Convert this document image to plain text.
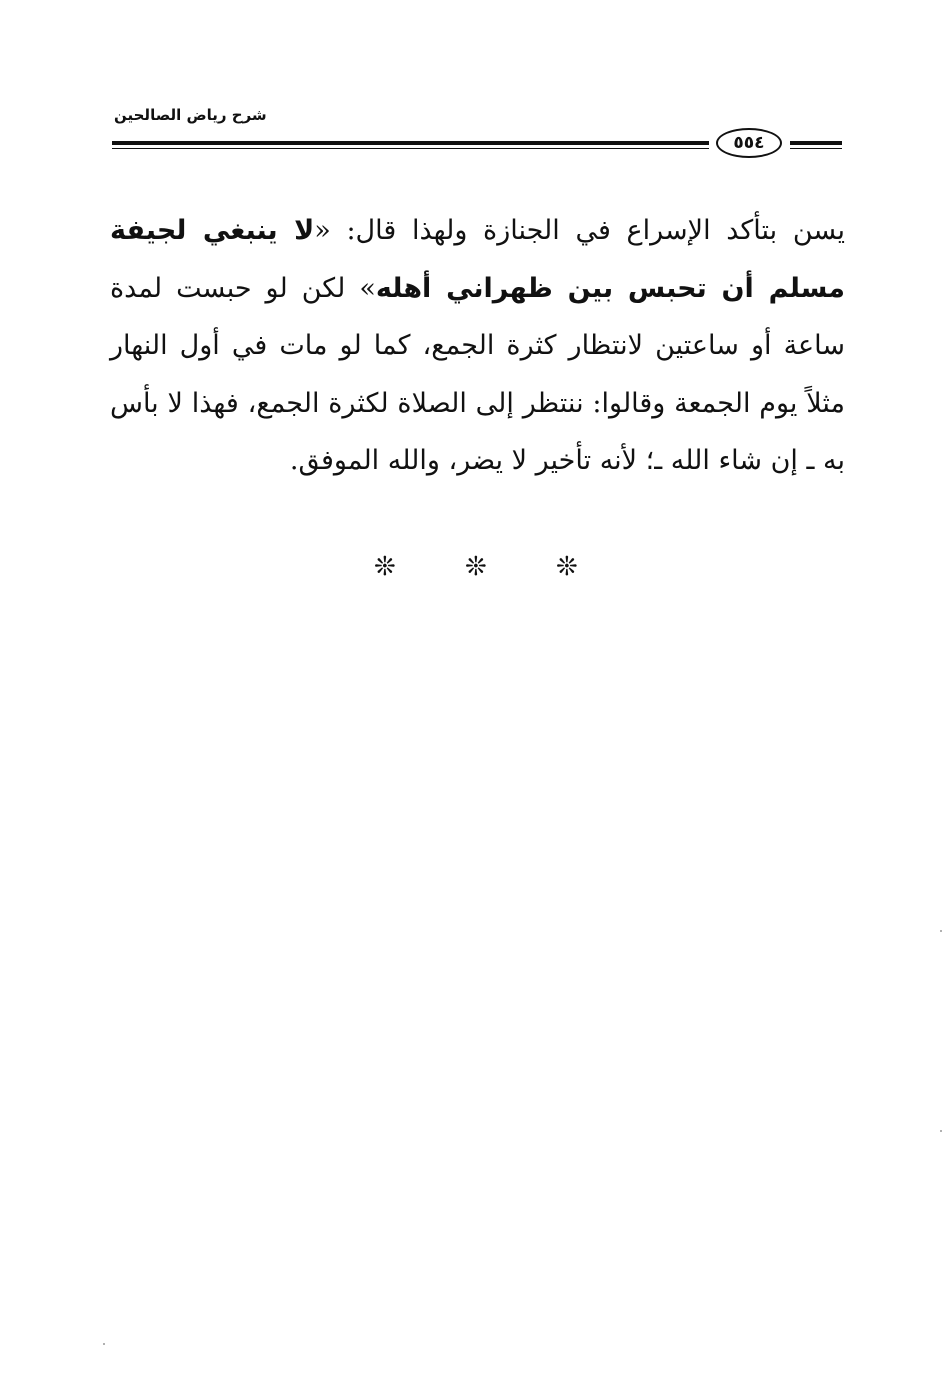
شرح رياض الصالحين
٥٥٤
يسن بتأكد الإسراع في الجنازة ولهذا قال: «لا ينبغي لجيفة مسلم أن تحبس بين ظهراني أهله» لكن لو حبست لمدة ساعة أو ساعتين لانتظار كثرة الجمع، كما لو مات في أول النهار مثلاً يوم الجمعة وقالوا: ننتظر إلى الصلاة لكثرة الجمع، فهذا لا بأس به ـ إن شاء الله ـ؛ لأنه تأخير لا يضر، والله الموفق.
❊	❊	❊
